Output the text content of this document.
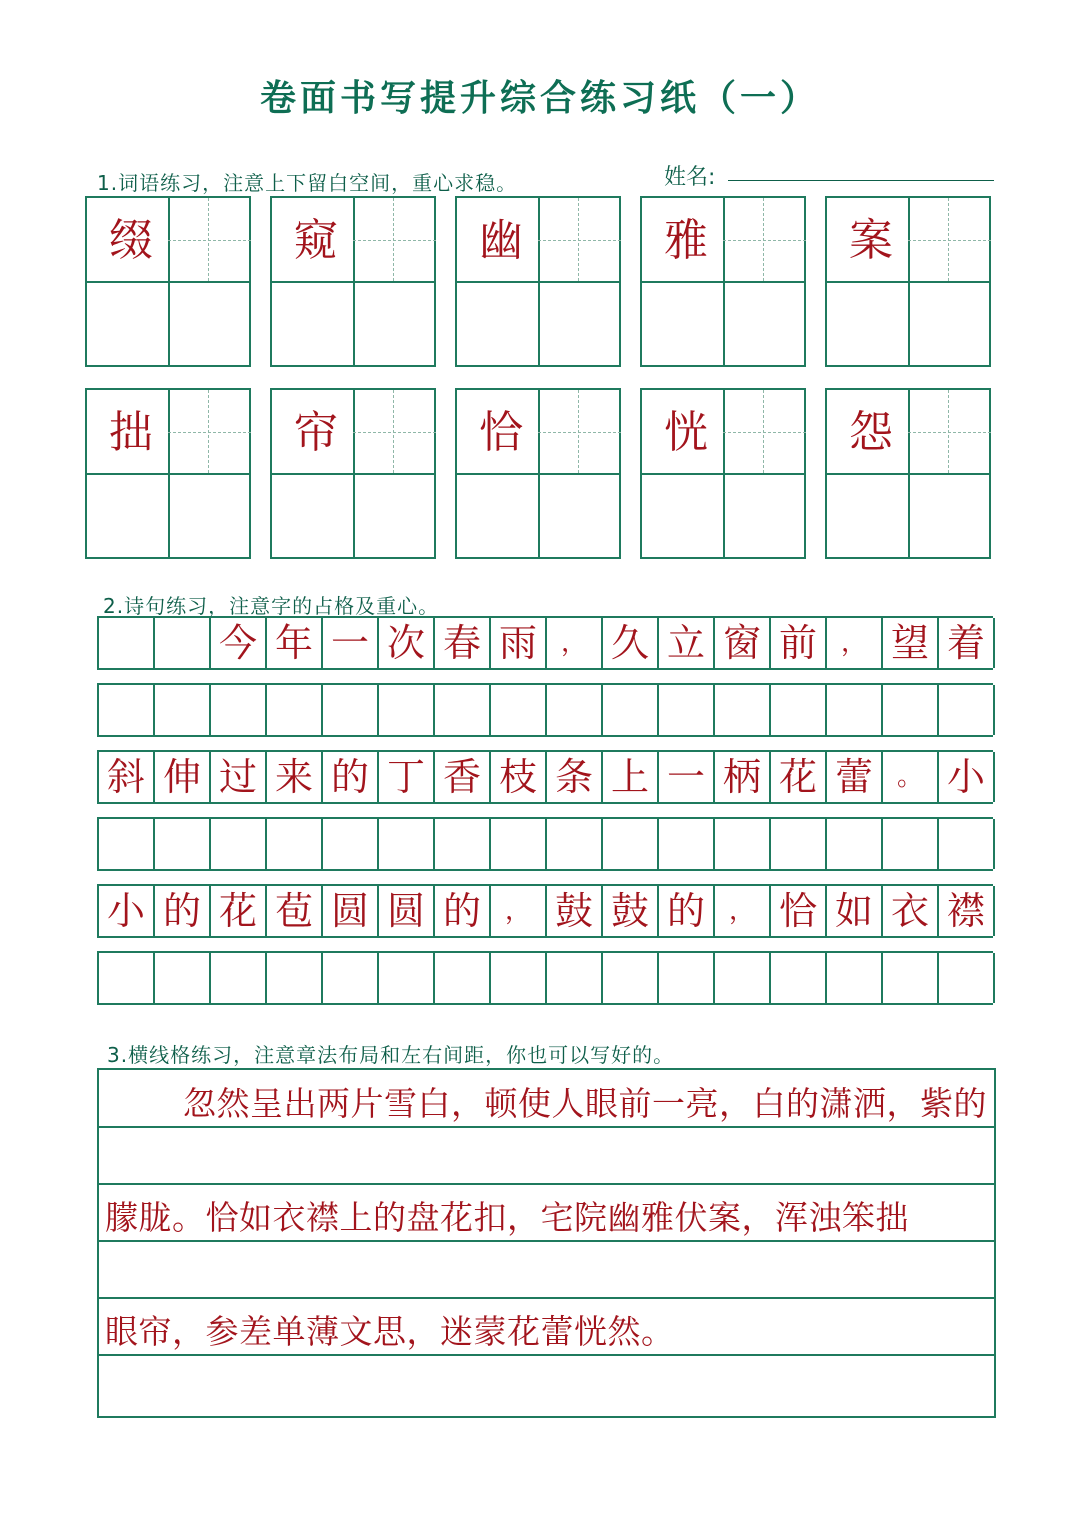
卷面书写提升综合练习纸（一）
1.词语练习，注意上下留白空间，重心求稳。	姓名:
缀	窥	幽	雅	案
拙	帘	恰	恍	怨
2.诗句练习，注意字的占格及重心。
今 年 一 次 春 雨 ， 久 立 窗 前 ， 望 着
斜 伸 过 来 的 丁 香 枝 条 上 一 柄 花 蕾 。 小
小 的 花 苞 圆 圆 的 ， 鼓 鼓 的 ， 恰 如 衣 襟
3.横线格练习，注意章法布局和左右间距，你也可以写好的。
忽然呈出两片雪白，顿使人眼前一亮，白的潇洒，紫的
朦胧。恰如衣襟上的盘花扣，宅院幽雅伏案，浑浊笨拙
眼帘，参差单薄文思，迷蒙花蕾恍然。
